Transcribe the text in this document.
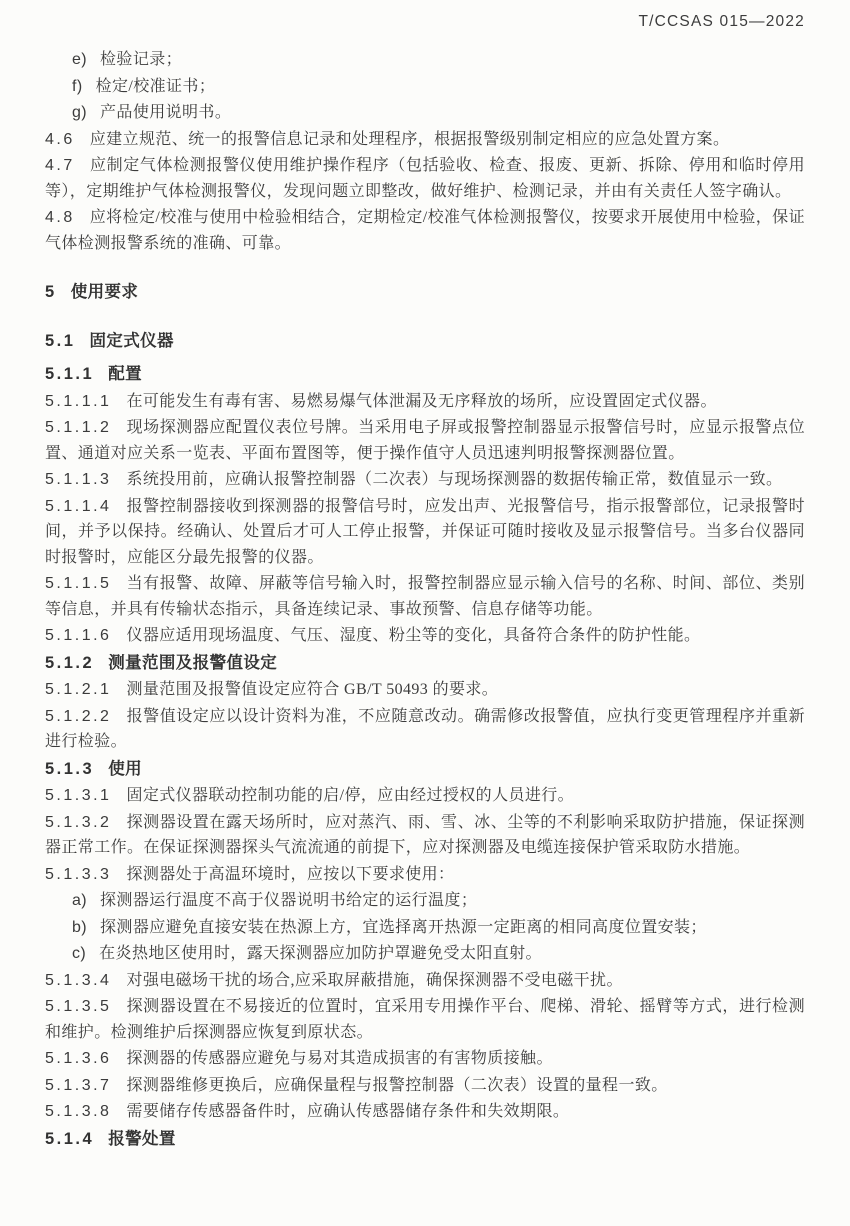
T/CCSAS 015—2022
e) 检验记录；
f) 检定/校准证书；
g) 产品使用说明书。
4.6 应建立规范、统一的报警信息记录和处理程序，根据报警级别制定相应的应急处置方案。
4.7 应制定气体检测报警仪使用维护操作程序（包括验收、检查、报废、更新、拆除、停用和临时停用等），定期维护气体检测报警仪，发现问题立即整改，做好维护、检测记录，并由有关责任人签字确认。
4.8 应将检定/校准与使用中检验相结合，定期检定/校准气体检测报警仪，按要求开展使用中检验，保证气体检测报警系统的准确、可靠。
5 使用要求
5.1 固定式仪器
5.1.1 配置
5.1.1.1 在可能发生有毒有害、易燃易爆气体泄漏及无序释放的场所，应设置固定式仪器。
5.1.1.2 现场探测器应配置仪表位号牌。当采用电子屏或报警控制器显示报警信号时，应显示报警点位置、通道对应关系一览表、平面布置图等，便于操作值守人员迅速判明报警探测器位置。
5.1.1.3 系统投用前，应确认报警控制器（二次表）与现场探测器的数据传输正常，数值显示一致。
5.1.1.4 报警控制器接收到探测器的报警信号时，应发出声、光报警信号，指示报警部位，记录报警时间，并予以保持。经确认、处置后才可人工停止报警，并保证可随时接收及显示报警信号。当多台仪器同时报警时，应能区分最先报警的仪器。
5.1.1.5 当有报警、故障、屏蔽等信号输入时，报警控制器应显示输入信号的名称、时间、部位、类别等信息，并具有传输状态指示，具备连续记录、事故预警、信息存储等功能。
5.1.1.6 仪器应适用现场温度、气压、湿度、粉尘等的变化，具备符合条件的防护性能。
5.1.2 测量范围及报警值设定
5.1.2.1 测量范围及报警值设定应符合 GB/T 50493 的要求。
5.1.2.2 报警值设定应以设计资料为准，不应随意改动。确需修改报警值，应执行变更管理程序并重新进行检验。
5.1.3 使用
5.1.3.1 固定式仪器联动控制功能的启/停，应由经过授权的人员进行。
5.1.3.2 探测器设置在露天场所时，应对蒸汽、雨、雪、冰、尘等的不利影响采取防护措施，保证探测器正常工作。在保证探测器探头气流流通的前提下，应对探测器及电缆连接保护管采取防水措施。
5.1.3.3 探测器处于高温环境时，应按以下要求使用：
a) 探测器运行温度不高于仪器说明书给定的运行温度；
b) 探测器应避免直接安装在热源上方，宜选择离开热源一定距离的相同高度位置安装；
c) 在炎热地区使用时，露天探测器应加防护罩避免受太阳直射。
5.1.3.4 对强电磁场干扰的场合,应采取屏蔽措施，确保探测器不受电磁干扰。
5.1.3.5 探测器设置在不易接近的位置时，宜采用专用操作平台、爬梯、滑轮、摇臂等方式，进行检测和维护。检测维护后探测器应恢复到原状态。
5.1.3.6 探测器的传感器应避免与易对其造成损害的有害物质接触。
5.1.3.7 探测器维修更换后，应确保量程与报警控制器（二次表）设置的量程一致。
5.1.3.8 需要储存传感器备件时，应确认传感器储存条件和失效期限。
5.1.4 报警处置
